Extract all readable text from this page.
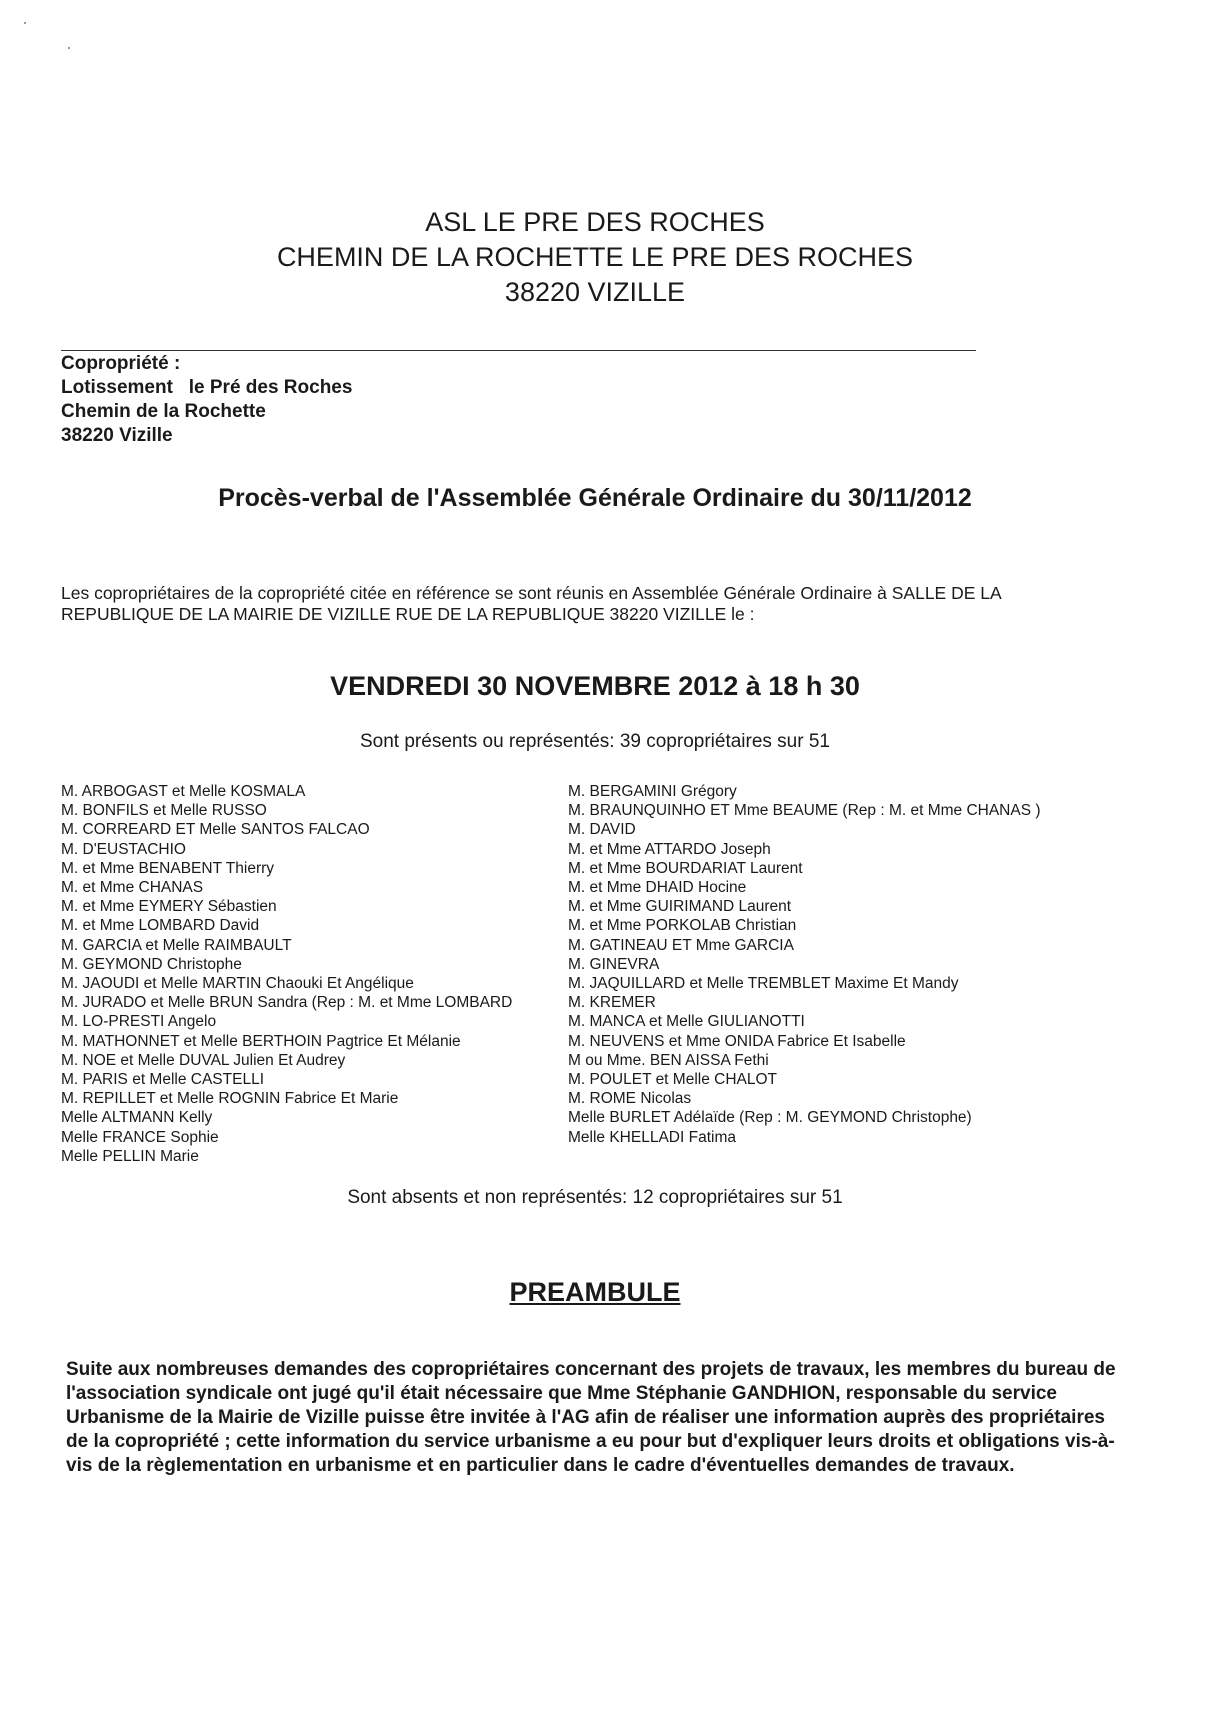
ASL LE PRE DES ROCHES
CHEMIN DE LA ROCHETTE LE PRE DES ROCHES
38220 VIZILLE
Copropriété :
Lotissement   le Pré des Roches
Chemin de la Rochette
38220 Vizille
Procès-verbal de l'Assemblée Générale Ordinaire du 30/11/2012
Les copropriétaires de la copropriété citée en référence se sont réunis en Assemblée Générale Ordinaire à SALLE DE LA REPUBLIQUE DE LA MAIRIE DE VIZILLE RUE DE LA REPUBLIQUE 38220 VIZILLE le :
VENDREDI 30 NOVEMBRE 2012 à 18 h 30
Sont présents ou représentés: 39 copropriétaires sur 51
M. ARBOGAST et Melle KOSMALA
M. BONFILS et Melle RUSSO
M. CORREARD ET Melle SANTOS FALCAO
M. D'EUSTACHIO
M. et Mme BENABENT Thierry
M. et Mme CHANAS
M. et Mme EYMERY Sébastien
M. et Mme LOMBARD David
M. GARCIA et Melle RAIMBAULT
M. GEYMOND Christophe
M. JAOUDI et Melle MARTIN Chaouki Et Angélique
M. JURADO et Melle BRUN Sandra (Rep : M. et Mme LOMBARD
M. LO-PRESTI Angelo
M. MATHONNET et Melle BERTHOIN Pagtrice Et Mélanie
M. NOE et Melle DUVAL Julien Et Audrey
M. PARIS et Melle CASTELLI
M. REPILLET et Melle ROGNIN Fabrice Et Marie
Melle ALTMANN Kelly
Melle FRANCE Sophie
Melle PELLIN Marie
M. BERGAMINI Grégory
M. BRAUNQUINHO ET Mme BEAUME (Rep : M. et Mme CHANAS )
M. DAVID
M. et Mme ATTARDO Joseph
M. et Mme BOURDARIAT Laurent
M. et Mme DHAID Hocine
M. et Mme GUIRIMAND Laurent
M. et Mme PORKOLAB Christian
M. GATINEAU ET Mme GARCIA
M. GINEVRA
M. JAQUILLARD et Melle TREMBLET Maxime Et Mandy
M. KREMER
M. MANCA et Melle GIULIANOTTI
M. NEUVENS et Mme ONIDA Fabrice Et Isabelle
M ou Mme. BEN AISSA Fethi
M. POULET et Melle CHALOT
M. ROME Nicolas
Melle BURLET Adélaïde (Rep : M. GEYMOND Christophe)
Melle KHELLADI Fatima
Sont absents et non représentés: 12 copropriétaires sur 51
PREAMBULE
Suite aux nombreuses demandes des copropriétaires concernant des projets de travaux, les membres du bureau de l'association syndicale ont jugé qu'il était nécessaire que Mme Stéphanie GANDHION, responsable du service Urbanisme de la Mairie de Vizille puisse être invitée à l'AG afin de réaliser une information auprès des propriétaires de la copropriété ; cette information du service urbanisme a eu pour but d'expliquer leurs droits et obligations vis-à-vis de la règlementation en urbanisme et en particulier dans le cadre d'éventuelles demandes de travaux.
